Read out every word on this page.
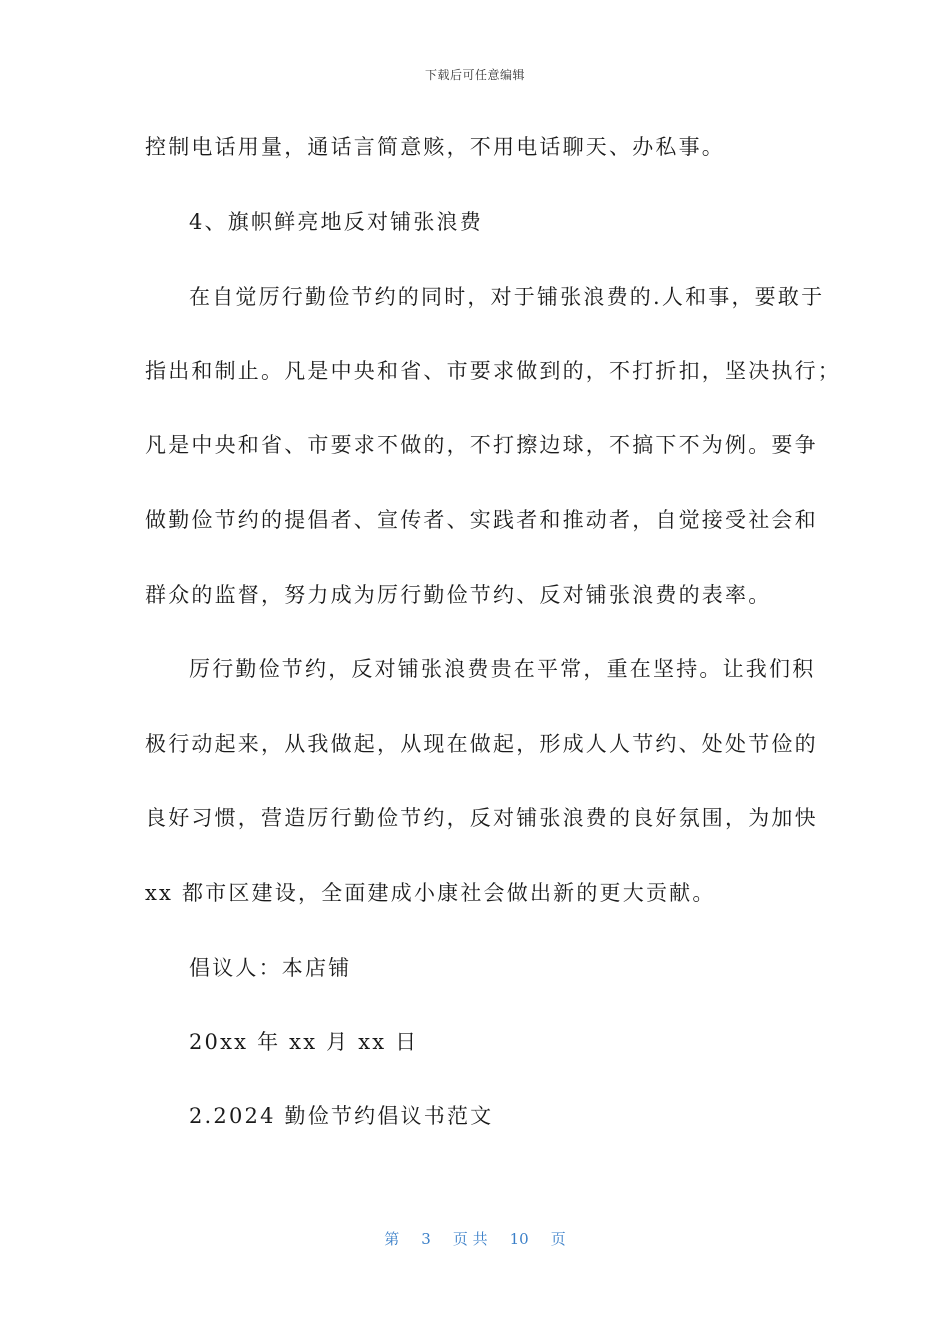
下载后可任意编辑
控制电话用量，通话言简意赅，不用电话聊天、办私事。
4、旗帜鲜亮地反对铺张浪费
在自觉厉行勤俭节约的同时，对于铺张浪费的.人和事，要敢于
指出和制止。凡是中央和省、市要求做到的，不打折扣，坚决执行；
凡是中央和省、市要求不做的，不打擦边球，不搞下不为例。要争
做勤俭节约的提倡者、宣传者、实践者和推动者，自觉接受社会和
群众的监督，努力成为厉行勤俭节约、反对铺张浪费的表率。
厉行勤俭节约，反对铺张浪费贵在平常，重在坚持。让我们积
极行动起来，从我做起，从现在做起，形成人人节约、处处节俭的
良好习惯，营造厉行勤俭节约，反对铺张浪费的良好氛围，为加快
xx 都市区建设，全面建成小康社会做出新的更大贡献。
倡议人：本店铺
20xx 年 xx 月 xx 日
2.2024 勤俭节约倡议书范文
第 3 页 共 10 页
